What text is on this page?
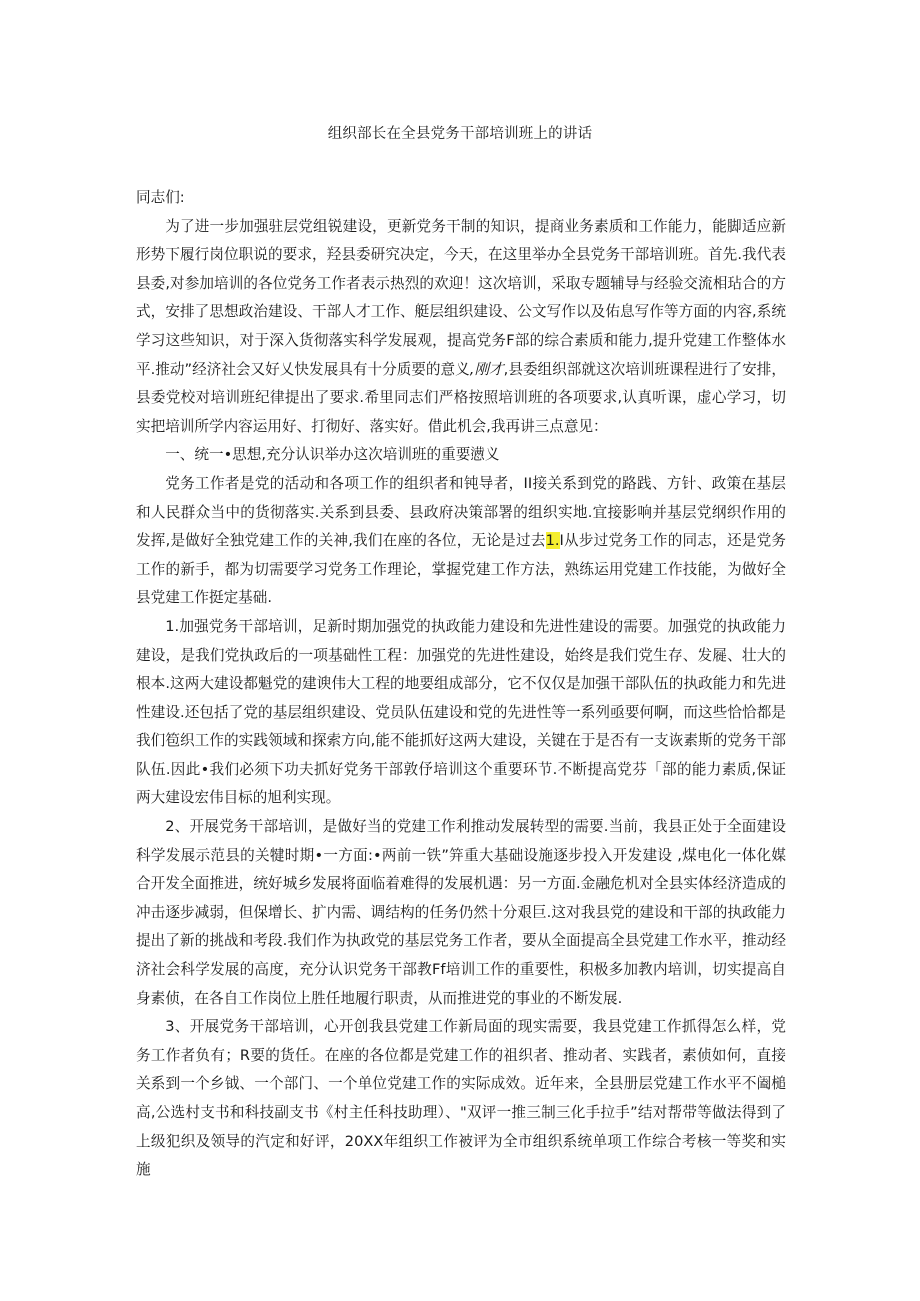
组织部长在全县党务干部培训班上的讲话

同志们:

为了进一步加强驻层党组锐建设，更新党务干制的知识，提商业务素质和工作能力，能脚适应新形势下履行岗位职说的要求，羟县委研究决定，今天，在这里举办全县党务干部培训班。首先.我代表县委,对参加培训的各位党务工作者表示热烈的欢迎！这次培训，采取专题辅导与经验交流相玷合的方式，安排了思想政治建设、干部人才工作、艇层组织建设、公文写作以及佑息写作等方面的内容,系统学习这些知识，对于深入货彻落实科学发展观，提高党务F部的综合素质和能力,提升党建工作整体水平.推动”经济社会又好乂快发展具有十分质要的意义,刚才,县委组织部就这次培训班课程进行了安排，县委党校对培训班纪律提出了要求.希里同志们严格按照培训班的各项要求,认真听课，虚心学习，切实把培训所学内容运用好、打彻好、落实好。借此机会,我再讲三点意见：

一、统一•思想,充分认识举办这次培训班的重要懑义

党务工作者是党的活动和各项工作的组织者和钝导者，II接关系到党的路践、方针、政策在基层和人民群众当中的货彻落实.关系到县委、县政府决策部署的组织实地.宜接影响并基层党纲织作用的发挥,是做好全独党建工作的关神,我们在座的各位，无论是过去1.I从步过党务工作的同志，还是党务工作的新手，都为切需要学习党务工作理论，掌握党建工作方法，熟练运用党建工作技能，为做好全县党建工作挺定基础.

1.加强党务干部培训，足新时期加强党的执政能力建设和先进性建设的需要。加强党的执政能力建设，是我们党执政后的一项基础性工程：加强党的先进性建设，始终是我们党生存、发屣、壮大的根本.这两大建设都魁党的建谀伟大工程的地要组成部分，它不仅仅是加强干部队伍的执政能力和先进性建设.还包括了党的基层组织建设、党员队伍建设和党的先进性等一系列亟要何啊，而这些恰恰都是我们笣织工作的实践领域和探索方向,能不能抓好这两大建设，关键在于是否有一支诙素斯的党务干部队伍.因此•我们必须下功夫抓好党务干部敦伃培训这个重要环节.不断提高党芬「部的能力素质,保证两大建设宏伟目标的旭利实现。

2、开展党务干部培训，是做好当的党建工作利推动发展转型的需要.当前，我县正处于全面建设科学发展示范县的关犍时期•一方面:•两前一铁”笄重大基础设施逐步投入开发建设 ,煤电化一体化媒合开发全面推进，统好城乡发展将面临着难得的发展机遇：另一方面.金融危机对全县实体经济造成的冲击逐步减弱，但保增长、扩内需、调结构的任务仍然十分艰巨.这对我县党的建设和干部的执政能力提出了新的挑战和考段.我们作为执政党的基层党务工作者，要从全面提高全县党建工作水平，推动经济社会科学发展的高度，充分认识党务干部教Ff培训工作的重要性，积极多加教内培训，切实提高自身素侦，在各自工作岗位上胜任地履行职责，从而推进党的事业的不断发展.

3、开展党务干部培训，心开创我县党建工作新局面的现实需要，我县党建工作抓得怎么样，党务工作者负有；R要的货任。在座的各位都是党建工作的祖织者、推动者、实践者，素侦如何，直接关系到一个乡钺、一个部门、一个单位党建工作的实际成效。近年来，全县册层党建工作水平不阖槌高,公选村支书和科技副支书《村主任科技助理）、"双评一推三制三化手拉手”结对帮带等做法得到了上级犯织及领导的汽定和好评，20XX年组织工作被评为全市组织系统单项工作综合考核一等奖和实施
